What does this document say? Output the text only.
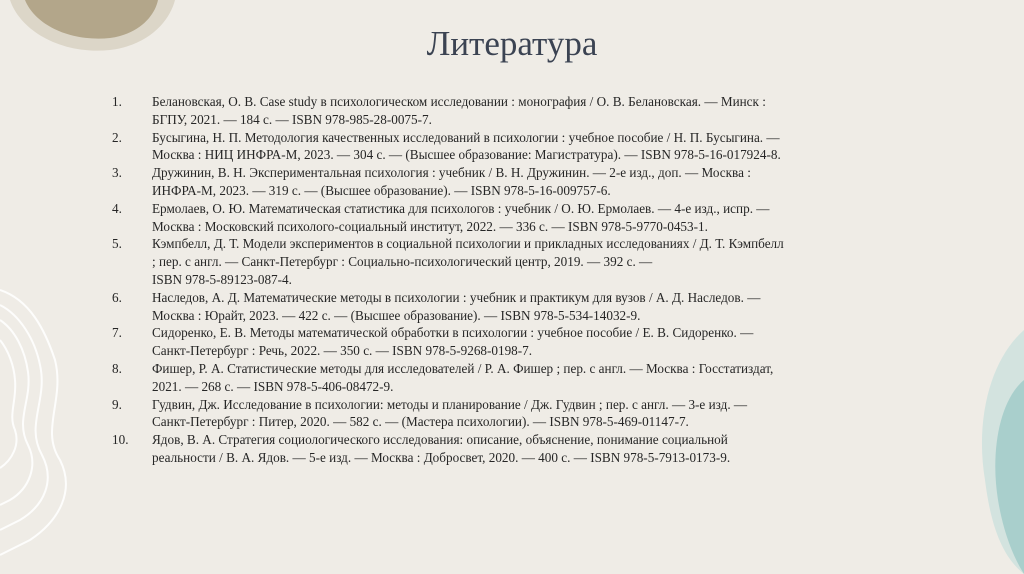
Литература
1.	Белановская, О. В. Case study в психологическом исследовании : монография / О. В. Белановская. — Минск :
БГПУ, 2021. — 184 с. — ISBN 978-985-28-0075-7.
2.	Бусыгина, Н. П. Методология качественных исследований в психологии : учебное пособие / Н. П. Бусыгина. —
Москва : НИЦ ИНФРА-М, 2023. — 304 с. — (Высшее образование: Магистратура). — ISBN 978-5-16-017924-8.
3.	Дружинин, В. Н. Экспериментальная психология : учебник / В. Н. Дружинин. — 2-е изд., доп. — Москва :
ИНФРА-М, 2023. — 319 с. — (Высшее образование). — ISBN 978-5-16-009757-6.
4.	Ермолаев, О. Ю. Математическая статистика для психологов : учебник / О. Ю. Ермолаев. — 4-е изд., испр. —
Москва : Московский психолого-социальный институт, 2022. — 336 с. — ISBN 978-5-9770-0453-1.
5.	Кэмпбелл, Д. Т. Модели экспериментов в социальной психологии и прикладных исследованиях / Д. Т. Кэмпбелл
; пер. с англ. — Санкт-Петербург : Социально-психологический центр, 2019. — 392 с. —
ISBN 978-5-89123-087-4.
6.	Наследов, А. Д. Математические методы в психологии : учебник и практикум для вузов / А. Д. Наследов. —
Москва : Юрайт, 2023. — 422 с. — (Высшее образование). — ISBN 978-5-534-14032-9.
7.	Сидоренко, Е. В. Методы математической обработки в психологии : учебное пособие / Е. В. Сидоренко. —
Санкт-Петербург : Речь, 2022. — 350 с. — ISBN 978-5-9268-0198-7.
8.	Фишер, Р. А. Статистические методы для исследователей / Р. А. Фишер ; пер. с англ. — Москва : Госстатиздат,
2021. — 268 с. — ISBN 978-5-406-08472-9.
9.	Гудвин, Дж. Исследование в психологии: методы и планирование / Дж. Гудвин ; пер. с англ. — 3-е изд. —
Санкт-Петербург : Питер, 2020. — 582 с. — (Мастера психологии). — ISBN 978-5-469-01147-7.
10.	Ядов, В. А. Стратегия социологического исследования: описание, объяснение, понимание социальной
реальности / В. А. Ядов. — 5-е изд. — Москва : Добросвет, 2020. — 400 с. — ISBN 978-5-7913-0173-9.
